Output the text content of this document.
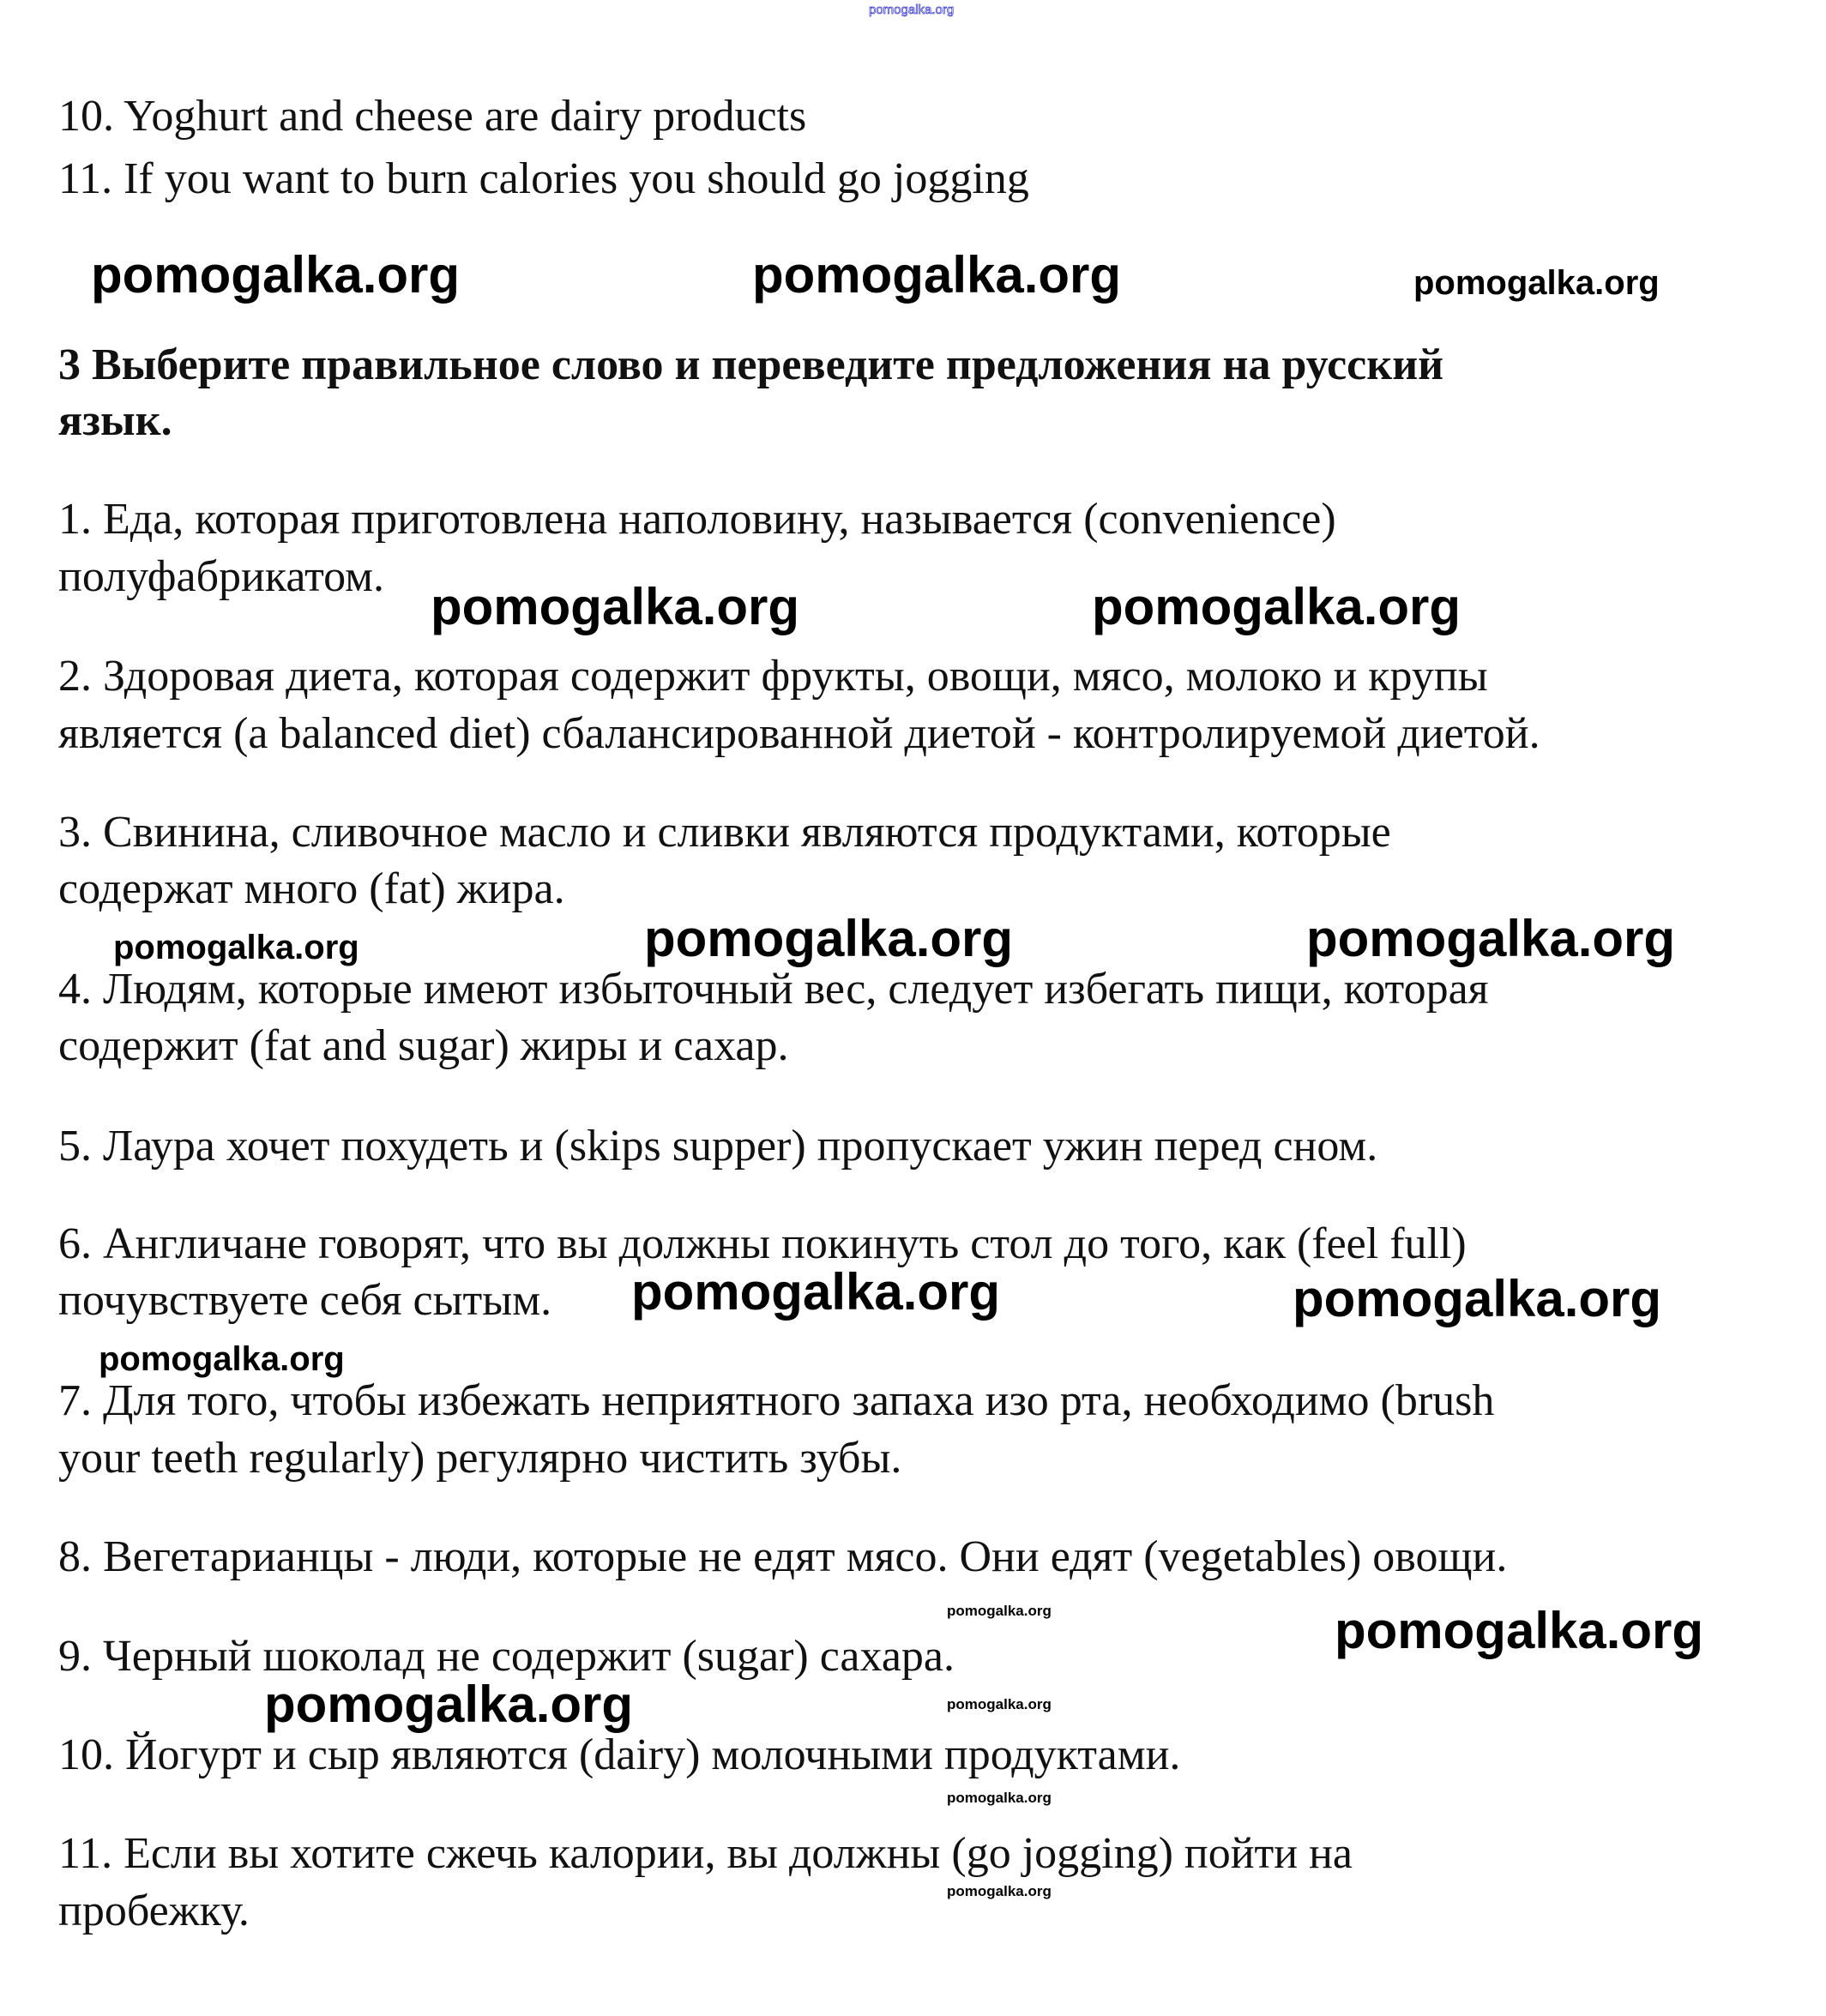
pomogalka.org
10. Yoghurt and cheese are dairy products
11. If you want to burn calories you should go jogging
pomogalka.org	pomogalka.org	pomogalka.org
3 Выберите правильное слово и переведите предложения на русский
язык.
1. Еда, которая приготовлена наполовину, называется (convenience)
полуфабрикатом.
pomogalka.org	pomogalka.org
2. Здоровая диета, которая содержит фрукты, овощи, мясо, молоко и крупы
является (a balanced diet) сбалансированной диетой - контролируемой диетой.
3. Свинина, сливочное масло и сливки являются продуктами, которые
содержат много (fat) жира.
pomogalka.org	pomogalka.org	pomogalka.org
4. Людям, которые имеют избыточный вес, следует избегать пищи, которая
содержит (fat and sugar) жиры и сахар.
5. Лаура хочет похудеть и (skips supper) пропускает ужин перед сном.
6. Англичане говорят, что вы должны покинуть стол до того, как (feel full)
почувствуете себя сытым. pomogalka.org	pomogalka.org
pomogalka.org
7. Для того, чтобы избежать неприятного запаха изо рта, необходимо (brush
your teeth regularly) регулярно чистить зубы.
8. Вегетарианцы - люди, которые не едят мясо. Они едят (vegetables) овощи.
pomogalka.org	pomogalka.org
9. Черный шоколад не содержит (sugar) сахара.
pomogalka.org	pomogalka.org
10. Йогурт и сыр являются (dairy) молочными продуктами.
pomogalka.org
11. Если вы хотите сжечь калории, вы должны (go jogging) пойти на
пробежку.	pomogalka.org
